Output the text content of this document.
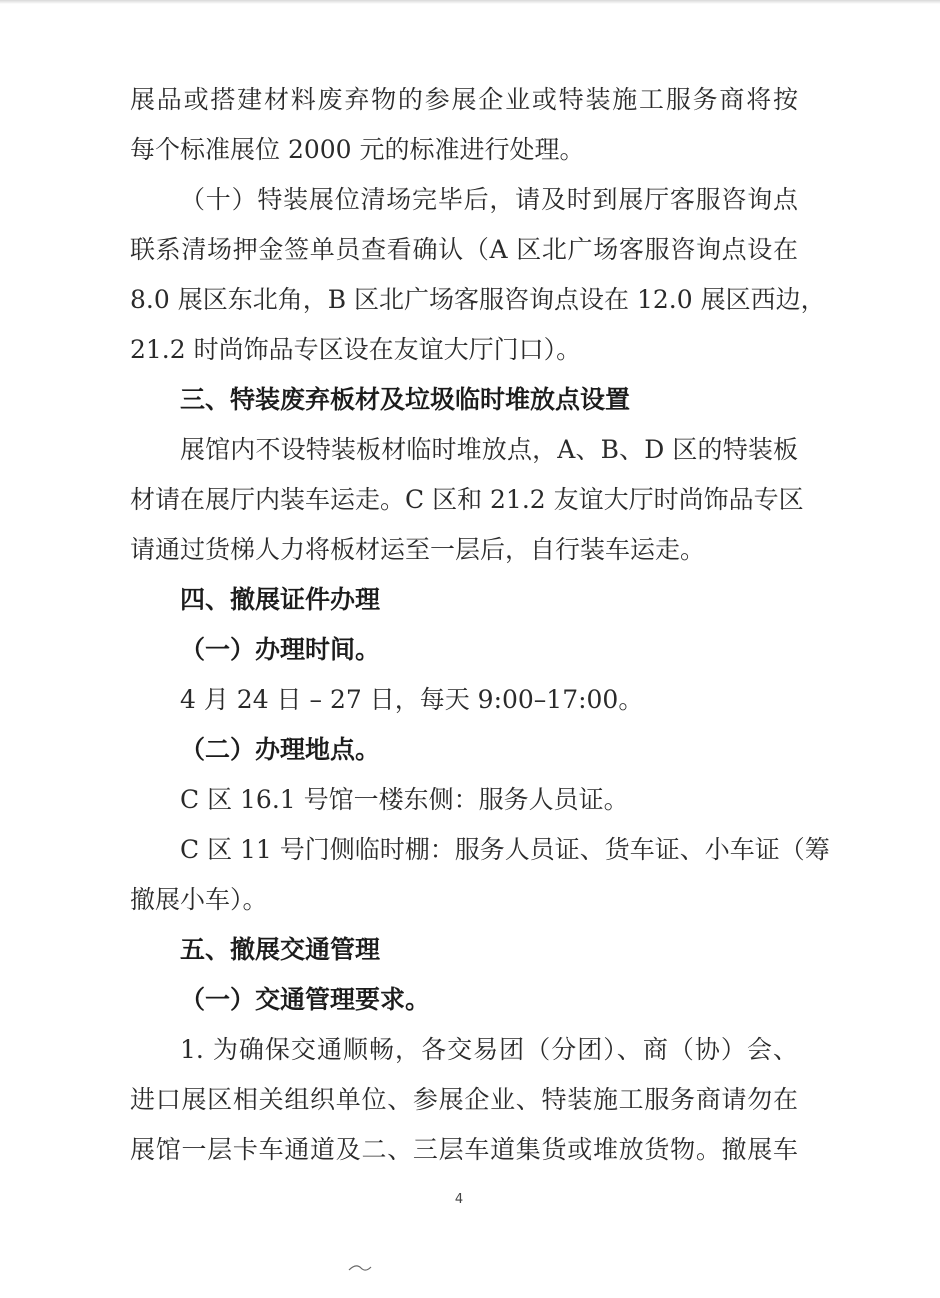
展品或搭建材料废弃物的参展企业或特装施工服务商将按
每个标准展位 2000 元的标准进行处理。
（十）特装展位清场完毕后，请及时到展厅客服咨询点
联系清场押金签单员查看确认（A 区北广场客服咨询点设在
8.0 展区东北角，B 区北广场客服咨询点设在 12.0 展区西边，
21.2 时尚饰品专区设在友谊大厅门口）。
三、特装废弃板材及垃圾临时堆放点设置
展馆内不设特装板材临时堆放点，A、B、D 区的特装板
材请在展厅内装车运走。C 区和 21.2 友谊大厅时尚饰品专区
请通过货梯人力将板材运至一层后，自行装车运走。
四、撤展证件办理
（一）办理时间。
4 月 24 日 – 27 日，每天 9:00–17:00。
（二）办理地点。
C 区 16.1 号馆一楼东侧：服务人员证。
C 区 11 号门侧临时棚：服务人员证、货车证、小车证（筹
撤展小车）。
五、撤展交通管理
（一）交通管理要求。
1. 为确保交通顺畅，各交易团（分团）、商（协）会、
进口展区相关组织单位、参展企业、特装施工服务商请勿在
展馆一层卡车通道及二、三层车道集货或堆放货物。撤展车
4
